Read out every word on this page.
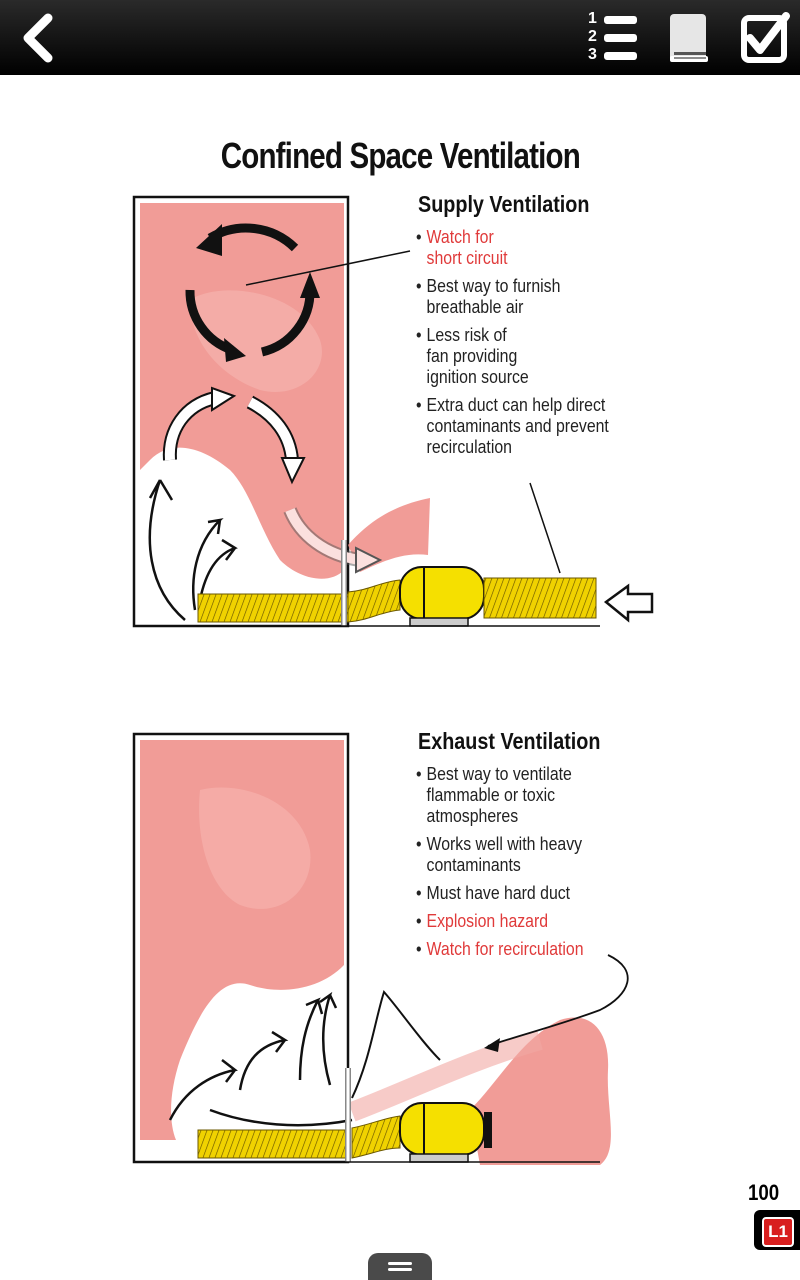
1
2
3
Confined Space Ventilation
Supply Ventilation
• Watch for
short circuit
• Best way to furnish
breathable air
• Less risk of
fan providing
ignition source
• Extra duct can help direct
contaminants and prevent
recirculation
Exhaust Ventilation
• Best way to ventilate
flammable or toxic
atmospheres
• Works well with heavy
contaminants
• Must have hard duct
• Explosion hazard
• Watch for recirculation
100
L1
